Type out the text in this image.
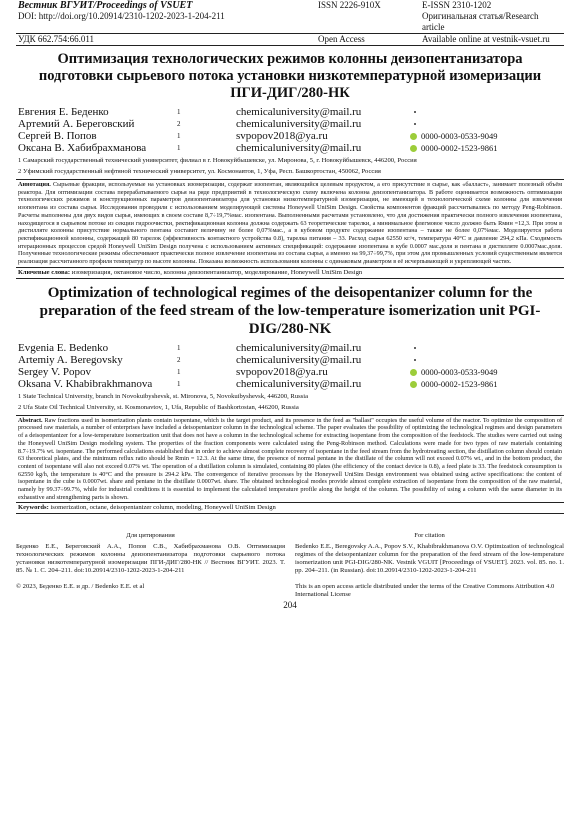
Вестник ВГУИТ/Proceedings of VSUET	ISSN 2226-910X	E-ISSN 2310-1202
DOI: http://doi.org/10.20914/2310-1202-2023-1-204-211	Оригинальная статья/Research article
УДК 662.754:66.011	Open Access	Available online at vestnik-vsuet.ru
Оптимизация технологических режимов колонны деизопентанизатора подготовки сырьевого потока установки низкотемпературной изомеризации ПГИ-ДИГ/280-НК
Евгения Е. Беденко	1	chemicaluniversity@mail.ru	
Артемий А. Береговский	2	chemicaluniversity@mail.ru	
Сергей В. Попов	1	svpopov2018@ya.ru	0000-0003-0533-9049
Оксана В. Хабибрахманова	1	chemicaluniversity@mail.ru	0000-0002-1523-9861
1 Самарский государственный технический университет, филиал в г. Новокуйбышевске, ул. Миронова, 5, г. Новокуйбышевск, 446200, Россия
2 Уфимский государственный нефтяной технический университет, ул. Космонавтов, 1, Уфа, Респ. Башкортостан, 450062, Россия
Аннотация. Сырьевые фракции, используемые на установках изомеризации, содержат изопентан, являющийся целевым продуктом, а его присутствие в сырье, как «балласт», занимает полезный объём реактора. Для оптимизации состава перерабатываемого сырья на ряде предприятий в технологическую схему включена колонна деизопентанизатора. В работе оценивается возможность оптимизации технологических режимов и конструкционных параметров деизопентанизатора для установки низкотемпературной изомеризации, не имеющей в технологической схеме колонны для извлечения изопентана из состава сырья. Исследования проводили с использованием моделирующей системы Honeywell UniSim Design. Свойства компонентов фракций рассчитывались по методу Peng-Robinson. Расчеты выполнены для двух видов сырья, имеющих в своем составе 8,7÷19,7%мас. изопентана. Выполненными расчетами установлено, что для достижения практически полного извлечения изопентана, находящегося в сырьевом потоке из секции гидроочистки, ректификационная колонна должна содержать 63 теоретические тарелки, а минимальное флегмовое число должно быть Rмин =12,3. При этом в дистилляте колонны присутствие нормального пентана составит величину не более 0,07%мас., а в кубовом продукте содержание изопентана – также не более 0,07%мас. Моделируется работа ректификационной колонны, содержащей 80 тарелок (эффективность контактного устройства 0.8), тарелка питания – 33. Расход сырья 62550 кг/ч, температура 40°С и давление 294,2 кПа. Сходимость итерационных процессов средой Honeywell UniSim Design получена с использованием активных спецификаций: содержание изопентана в кубе 0.0007 мас.доля и пентана в дистилляте 0.0007мас.доля. Полученные технологические режимы обеспечивают практически полное извлечение изопентана из состава сырья, а именно на 99,37÷99,7%, при этом для промышленных условий существенным является реализация рассчитанного профиля температур по высоте колонны. Показана возможность использования колонны с одинаковым диаметром в её исчерпывающей и укрепляющей частях.
Ключевые слова: изомеризация, октановое число, колонна деизопентанизатор, моделирование, Honeywell UniSim Design
Optimization of technological regimes of the deisopentanizer column for the preparation of the feed stream of the low-temperature isomerization unit PGI-DIG/280-NK
Evgenia E. Bedenko	1	chemicaluniversity@mail.ru	
Artemiy A. Beregovsky	2	chemicaluniversity@mail.ru	
Sergey V. Popov	1	svpopov2018@ya.ru	0000-0003-0533-9049
Oksana V. Khabibrakhmanova	1	chemicaluniversity@mail.ru	0000-0002-1523-9861
1 State Technical University, branch in Novokuibyshevsk, st. Mironova, 5, Novokuibyshevsk, 446200, Russia
2 Ufa State Oil Technical University, st. Kosmonavtov, 1, Ufa, Republic of Bashkortostan, 446200, Russia
Abstract. Raw fractions used in isomerization plants contain isopentane, which is the target product, and its presence in the feed as "ballast" occupies the useful volume of the reactor. To optimize the composition of processed raw materials, a number of enterprises have included a deisopentanizer column in the technological scheme. The paper evaluates the possibility of optimizing the technological regimes and design parameters of a deisopentanizer for a low-temperature isomerization unit that does not have a column in the technological scheme for extracting isopentane from the composition of the feedstock. The studies were carried out using the Honeywell UniSim Design modeling system. The properties of the fraction components were calculated using the Peng-Robinson method. Calculations were made for two types of raw materials containing 8.7÷19.7% wt. isopentane. The performed calculations established that in order to achieve almost complete recovery of isopentane in the feed stream from the hydrotreating section, the distillation column should contain 63 theoretical plates, and the minimum reflux ratio should be Rmin = 12.3. At the same time, the presence of normal pentane in the distillate of the column will not exceed 0.07% wt., and in the bottom product, the content of isopentane will also not exceed 0.07% wt. The operation of a distillation column is simulated, containing 80 plates (the efficiency of the contact device is 0.8), a feed plate is 33. The feedstock consumption is 62550 kg/h, the temperature is 40°C and the pressure is 294.2 kPa. The convergence of iterative processes by the Honeywell UniSim Design environment was obtained using active specifications: the content of isopentane in the cube is 0.0007wt. share and pentane in the distillate 0.0007wt. share. The obtained technological modes provide almost complete extraction of isopentane from the composition of the raw material, namely by 99.37÷99.7%, while for industrial conditions it is essential to implement the calculated temperature profile along the height of the column. The possibility of using a column with the same diameter in its exhaustive and strengthening parts is shown.
Keywords: isomerization, octane, deisopentanizer column, modeling, Honeywell UniSim Design
Для цитирования

Беденко Е.Е., Береговский А.А., Попов С.В., Хабибрахманова О.В. Оптимизация технологических режимов колонны деизопентанизатора подготовки сырьевого потока установки низкотемпературной изомеризации ПГИ-ДИГ/280-НК // Вестник ВГУИТ. 2023. Т. 85. № 1. С. 204–211. doi:10.20914/2310-1202-2023-1-204-211

For citation

Bedenko E.E., Beregovsky A.A., Popov S.V., Khabibrakhmanova O.V. Optimization of technological regimes of the deisopentanizer column for the preparation of the feed stream of the low-temperature isomerization unit PGI-DIG/280-NK. Vestnik VGUIT [Proceedings of VSUET]. 2023. vol. 85. no. 1. pp. 204–211. (in Russian). doi:10.20914/2310-1202-2023-1-204-211

© 2023, Беденко Е.Е. и др. / Bedenko E.E. et al	This is an open access article distributed under the terms of the Creative Commons Attribution 4.0 International License
204
